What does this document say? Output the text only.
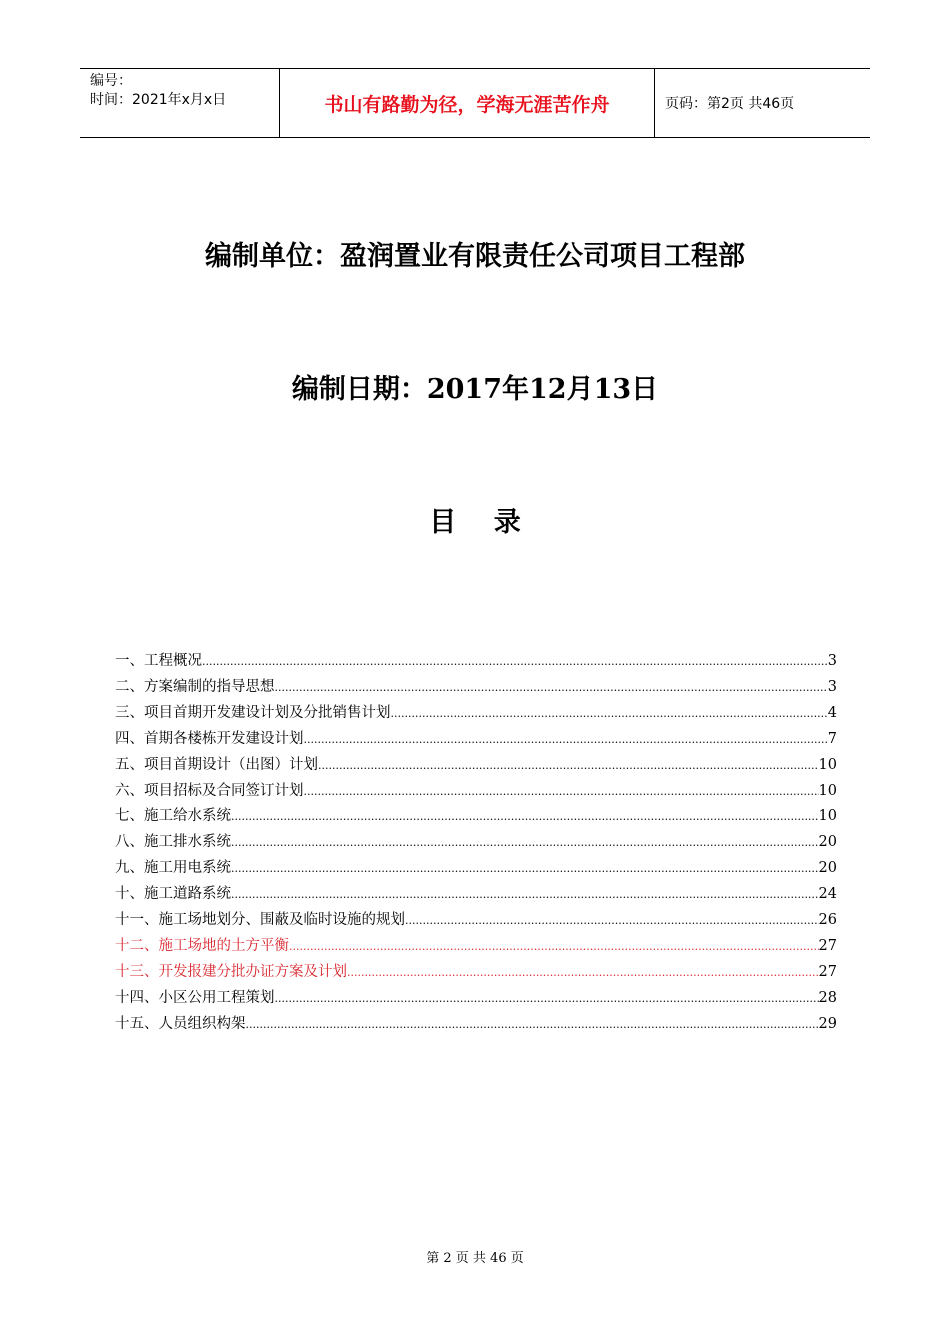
编号：
时间：2021年x月x日	书山有路勤为径，学海无涯苦作舟	页码：第2页 共46页
编制单位：盈润置业有限责任公司项目工程部
编制日期：2017年12月13日
目    录
一、工程概况 .....	3
二、方案编制的指导思想 .....	3
三、项目首期开发建设计划及分批销售计划 .....	4
四、首期各楼栋开发建设计划 .....	7
五、项目首期设计（出图）计划 .....	10
六、项目招标及合同签订计划 .....	10
七、施工给水系统 .....	10
八、施工排水系统 .....	20
九、施工用电系统 .....	20
十、施工道路系统 .....	24
十一、施工场地划分、围蔽及临时设施的规划 .....	26
十二、施工场地的土方平衡 .....	27
十三、开发报建分批办证方案及计划 .....	27
十四、小区公用工程策划 .....	28
十五、人员组织构架 .....	29
第 2 页 共 46 页
